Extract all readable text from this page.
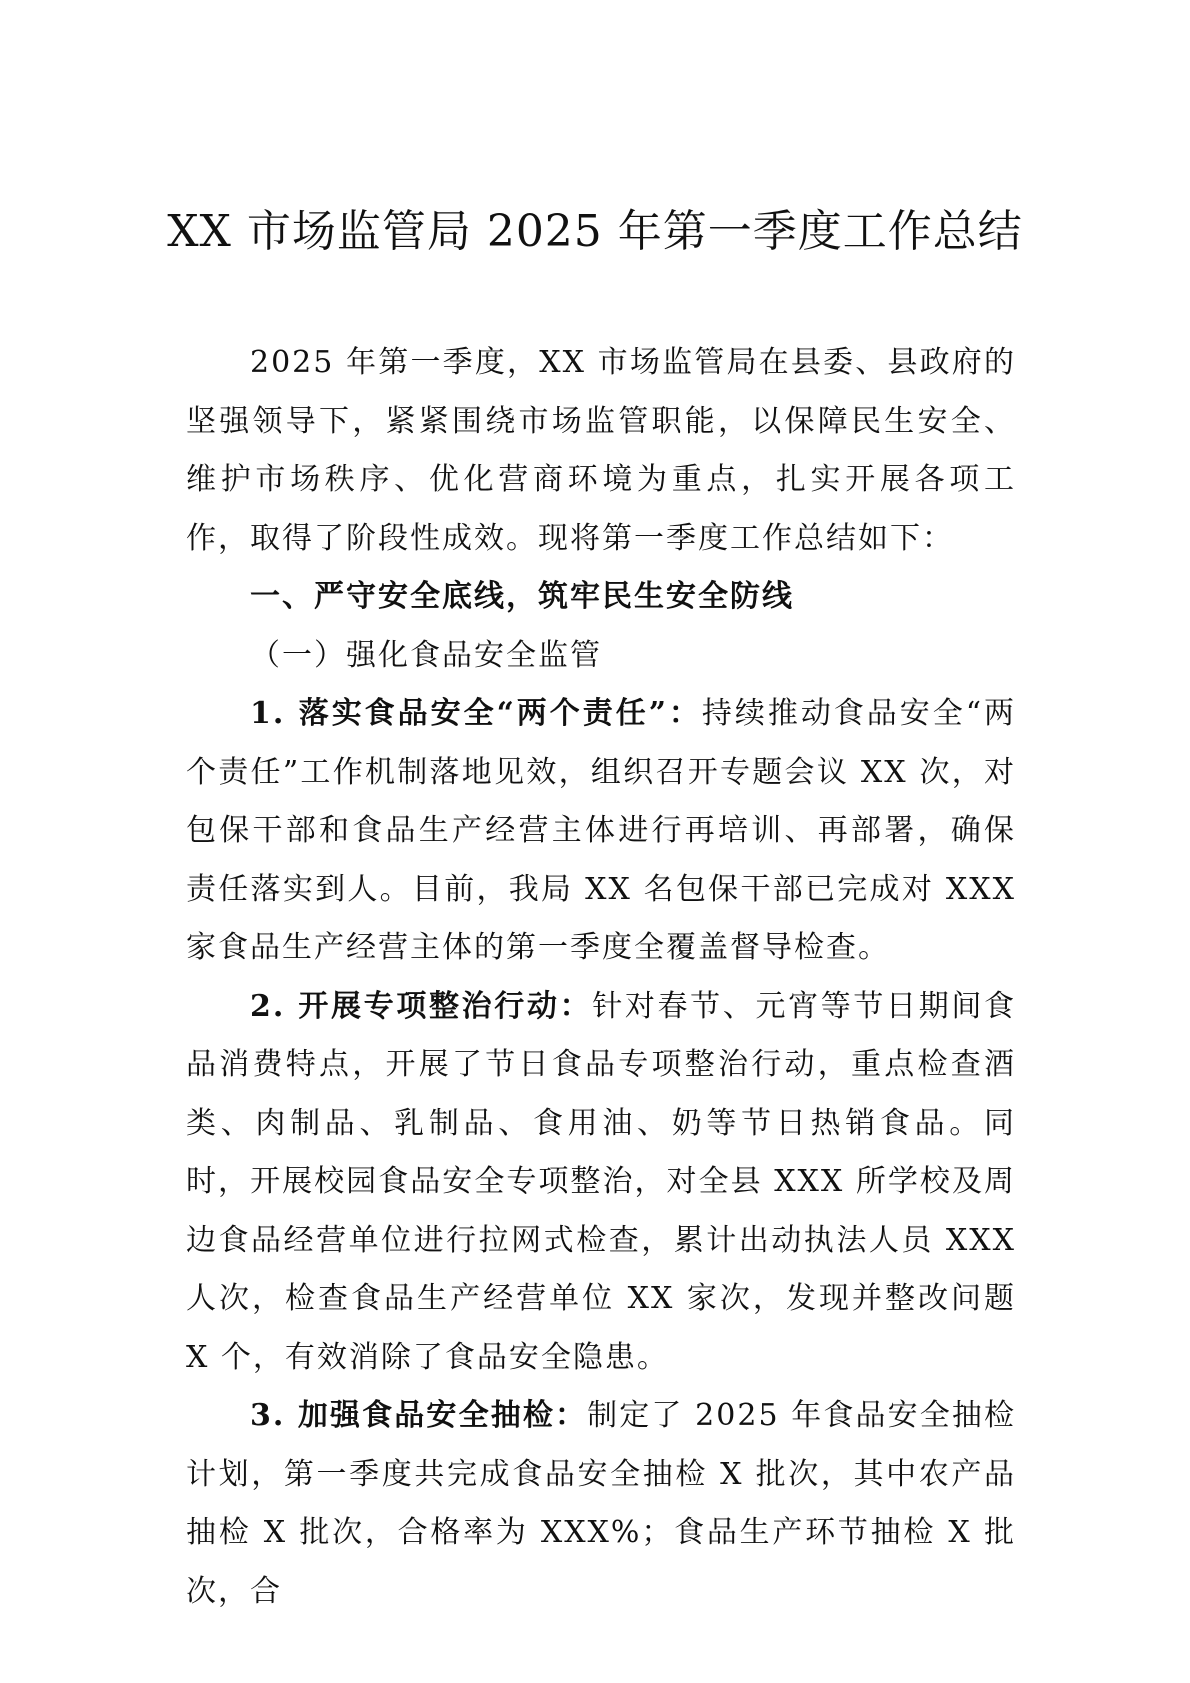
XX 市场监管局 2025 年第一季度工作总结

2025 年第一季度，XX 市场监管局在县委、县政府的坚强领导下，紧紧围绕市场监管职能，以保障民生安全、维护市场秩序、优化营商环境为重点，扎实开展各项工作，取得了阶段性成效。现将第一季度工作总结如下：

一、严守安全底线，筑牢民生安全防线

（一）强化食品安全监管

1. 落实食品安全“两个责任”：持续推动食品安全“两个责任”工作机制落地见效，组织召开专题会议 XX 次，对包保干部和食品生产经营主体进行再培训、再部署，确保责任落实到人。目前，我局 XX 名包保干部已完成对 XXX 家食品生产经营主体的第一季度全覆盖督导检查。

2. 开展专项整治行动：针对春节、元宵等节日期间食品消费特点，开展了节日食品专项整治行动，重点检查酒类、肉制品、乳制品、食用油、奶等节日热销食品。同时，开展校园食品安全专项整治，对全县 XXX 所学校及周边食品经营单位进行拉网式检查，累计出动执法人员 XXX 人次，检查食品生产经营单位 XX 家次，发现并整改问题 X 个，有效消除了食品安全隐患。

3. 加强食品安全抽检：制定了 2025 年食品安全抽检计划，第一季度共完成食品安全抽检 X 批次，其中农产品抽检 X 批次，合格率为 XXX%；食品生产环节抽检 X 批次，合
